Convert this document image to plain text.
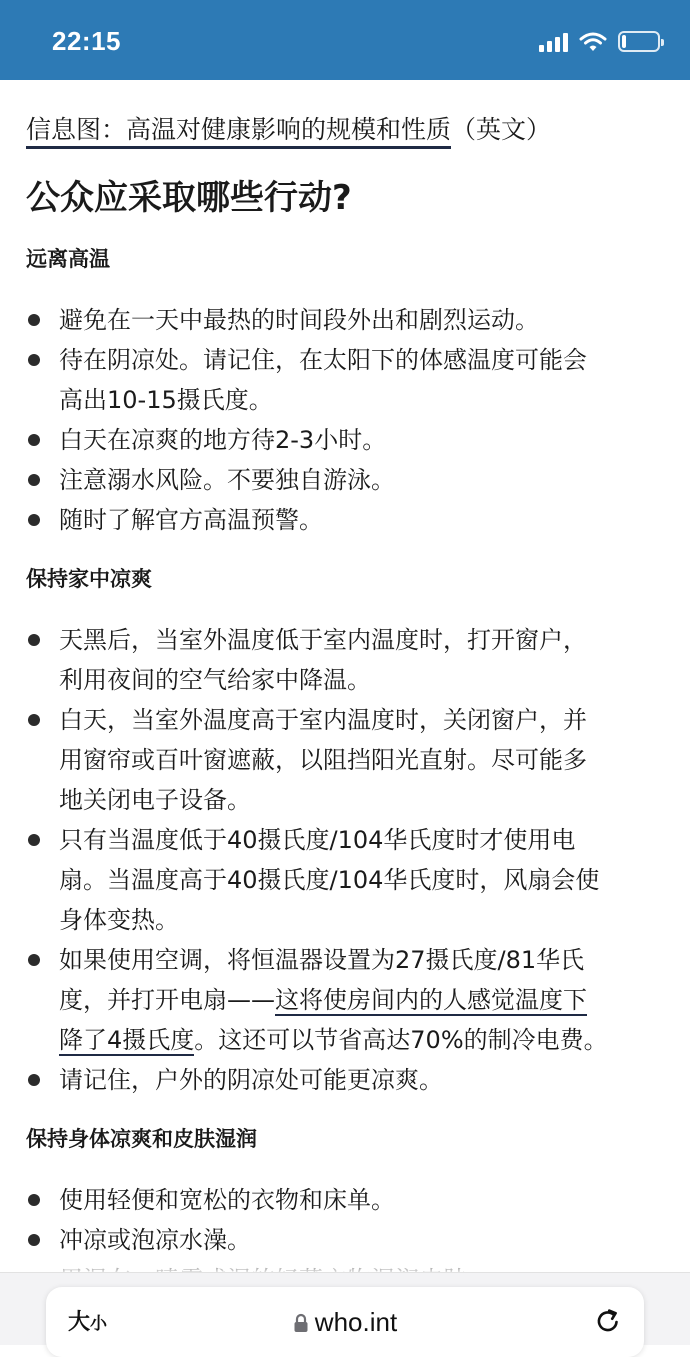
22:15
信息图：高温对健康影响的规模和性质（英文）
公众应采取哪些行动?
远离高温
避免在一天中最热的时间段外出和剧烈运动。
待在阴凉处。请记住，在太阳下的体感温度可能会
高出10-15摄氏度。
白天在凉爽的地方待2-3小时。
注意溺水风险。不要独自游泳。
随时了解官方高温预警。
保持家中凉爽
天黑后，当室外温度低于室内温度时，打开窗户，
利用夜间的空气给家中降温。
白天，当室外温度高于室内温度时，关闭窗户，并
用窗帘或百叶窗遮蔽，以阻挡阳光直射。尽可能多
地关闭电子设备。
只有当温度低于40摄氏度/104华氏度时才使用电
扇。当温度高于40摄氏度/104华氏度时，风扇会使
身体变热。
如果使用空调，将恒温器设置为27摄氏度/81华氏
度，并打开电扇——这将使房间内的人感觉温度下
降了4摄氏度。这还可以节省高达70%的制冷电费。
请记住，户外的阴凉处可能更凉爽。
保持身体凉爽和皮肤湿润
使用轻便和宽松的衣物和床单。
冲凉或泡凉水澡。
大小	who.int
